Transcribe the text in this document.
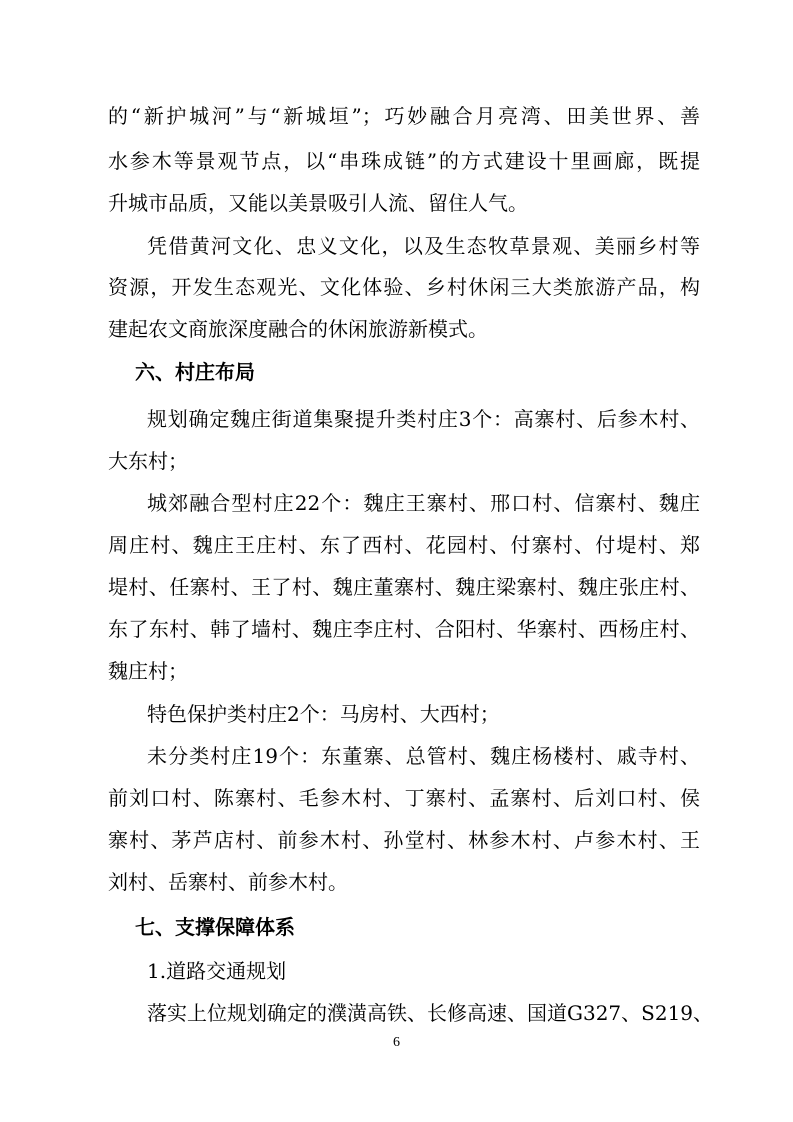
的“新护城河”与“新城垣”；巧妙融合月亮湾、田美世界、善
水参木等景观节点，以“串珠成链”的方式建设十里画廊，既提
升城市品质，又能以美景吸引人流、留住人气。
凭借黄河文化、忠义文化，以及生态牧草景观、美丽乡村等
资源，开发生态观光、文化体验、乡村休闲三大类旅游产品，构
建起农文商旅深度融合的休闲旅游新模式。
六、村庄布局
规划确定魏庄街道集聚提升类村庄3个：高寨村、后参木村、
大东村；
城郊融合型村庄22个：魏庄王寨村、邢口村、信寨村、魏庄
周庄村、魏庄王庄村、东了西村、花园村、付寨村、付堤村、郑
堤村、任寨村、王了村、魏庄董寨村、魏庄梁寨村、魏庄张庄村、
东了东村、韩了墙村、魏庄李庄村、合阳村、华寨村、西杨庄村、
魏庄村；
特色保护类村庄2个：马房村、大西村；
未分类村庄19个：东董寨、总管村、魏庄杨楼村、戚寺村、
前刘口村、陈寨村、毛参木村、丁寨村、孟寨村、后刘口村、侯
寨村、茅芦店村、前参木村、孙堂村、林参木村、卢参木村、王
刘村、岳寨村、前参木村。
七、支撑保障体系
1.道路交通规划
落实上位规划确定的濮潢高铁、长修高速、国道G327、S219、
6
